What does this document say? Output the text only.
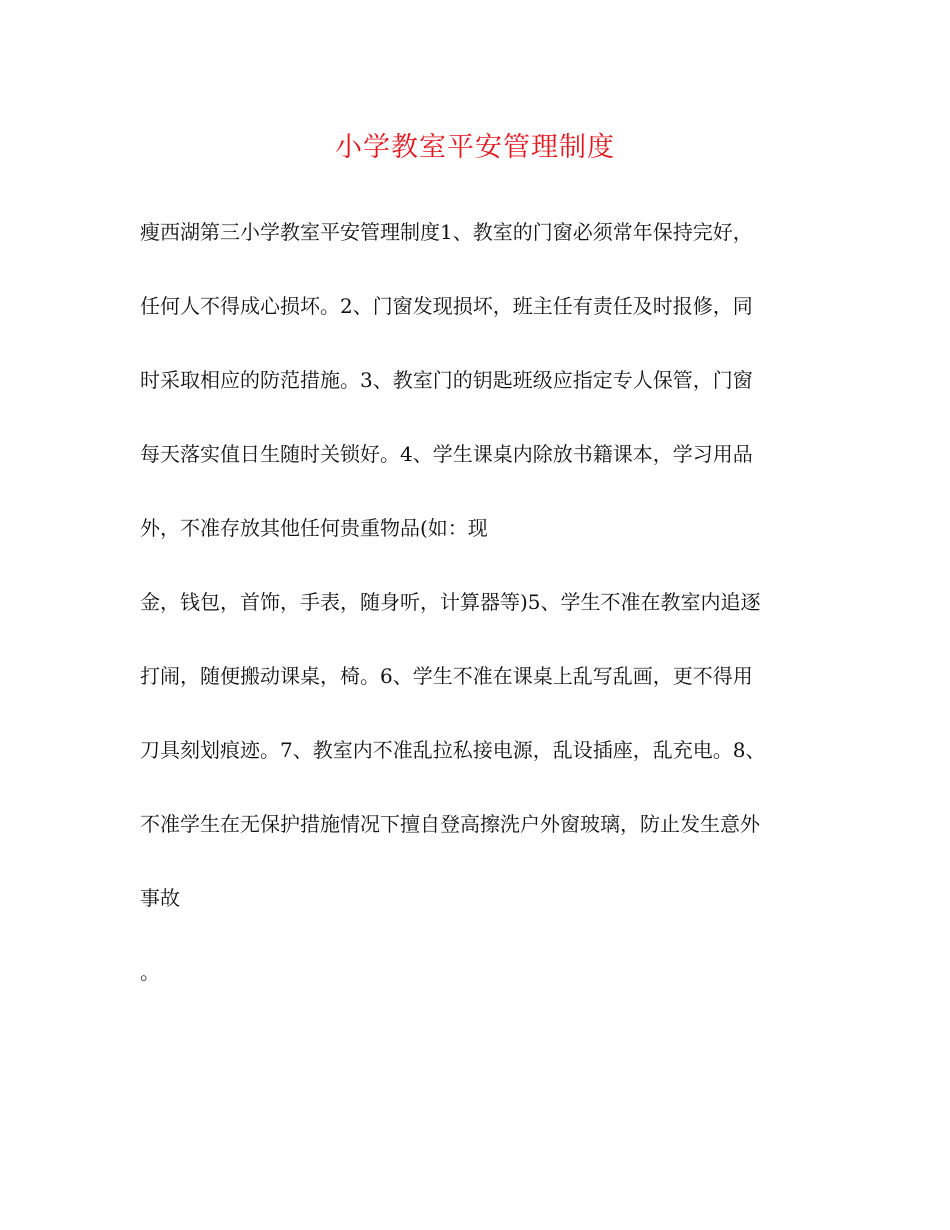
小学教室平安管理制度
瘦西湖第三小学教室平安管理制度1、教室的门窗必须常年保持完好，
任何人不得成心损坏。2、门窗发现损坏，班主任有责任及时报修，同
时采取相应的防范措施。3、教室门的钥匙班级应指定专人保管，门窗
每天落实值日生随时关锁好。4、学生课桌内除放书籍课本，学习用品
外，不准存放其他任何贵重物品(如：现
金，钱包，首饰，手表，随身听，计算器等)5、学生不准在教室内追逐
打闹，随便搬动课桌，椅。6、学生不准在课桌上乱写乱画，更不得用
刀具刻划痕迹。7、教室内不准乱拉私接电源，乱设插座，乱充电。8、
不准学生在无保护措施情况下擅自登高擦洗户外窗玻璃，防止发生意外
事故
。
